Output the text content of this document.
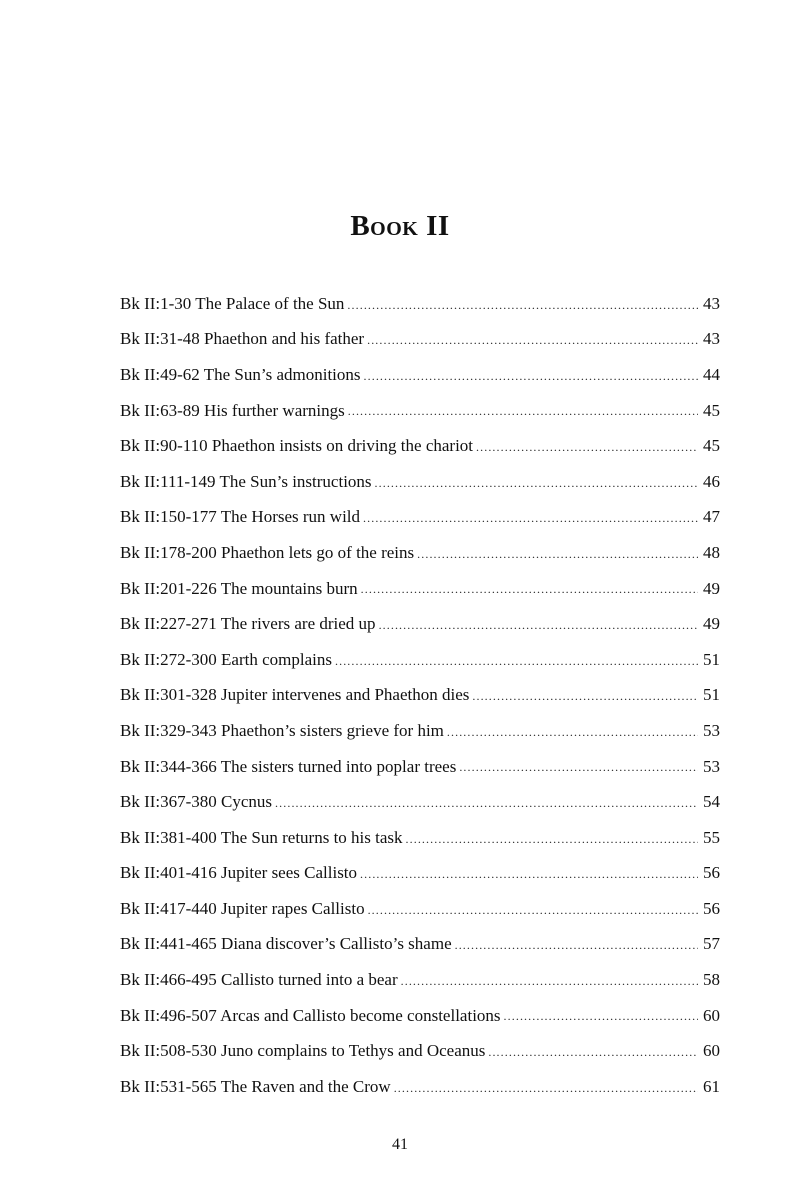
Book II
Bk II:1-30 The Palace of the Sun .....	43
Bk II:31-48 Phaethon and his father .....	43
Bk II:49-62 The Sun’s admonitions .....	44
Bk II:63-89 His further warnings .....	45
Bk II:90-110 Phaethon insists on driving the chariot .....	45
Bk II:111-149 The Sun’s instructions .....	46
Bk II:150-177 The Horses run wild .....	47
Bk II:178-200 Phaethon lets go of the reins .....	48
Bk II:201-226 The mountains burn .....	49
Bk II:227-271 The rivers are dried up .....	49
Bk II:272-300 Earth complains .....	51
Bk II:301-328 Jupiter intervenes and Phaethon dies .....	51
Bk II:329-343 Phaethon’s sisters grieve for him .....	53
Bk II:344-366 The sisters turned into poplar trees .....	53
Bk II:367-380 Cycnus .....	54
Bk II:381-400 The Sun returns to his task .....	55
Bk II:401-416 Jupiter sees Callisto .....	56
Bk II:417-440 Jupiter rapes Callisto .....	56
Bk II:441-465 Diana discover’s Callisto’s shame .....	57
Bk II:466-495 Callisto turned into a bear .....	58
Bk II:496-507 Arcas and Callisto become constellations .....	60
Bk II:508-530 Juno complains to Tethys and Oceanus .....	60
Bk II:531-565 The Raven and the Crow .....	61
41
